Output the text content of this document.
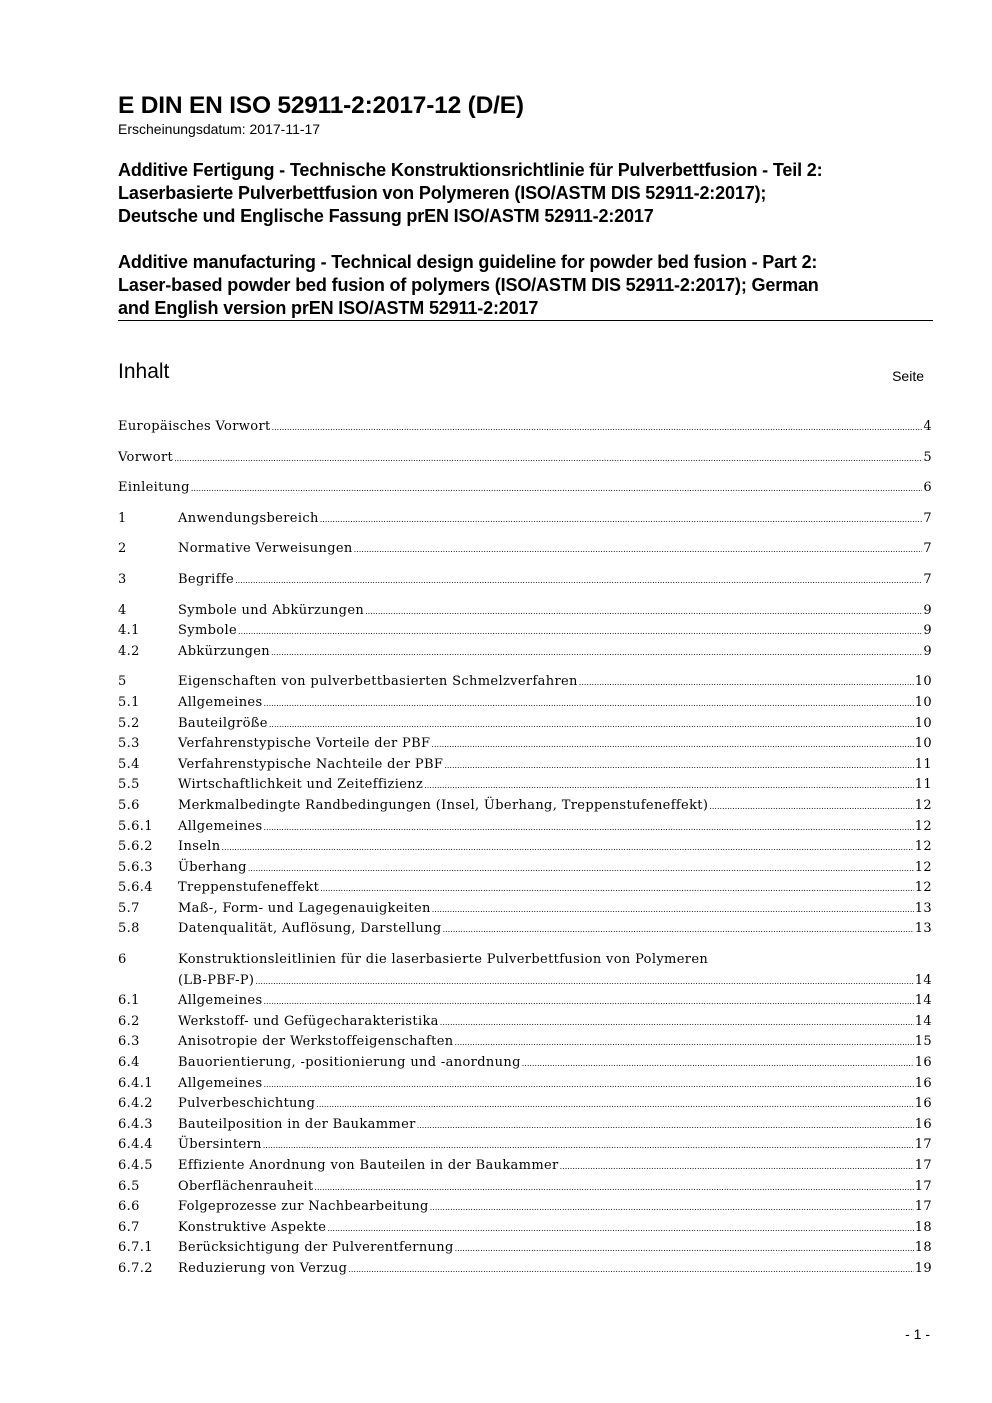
E DIN EN ISO 52911-2:2017-12 (D/E)
Erscheinungsdatum: 2017-11-17
Additive Fertigung - Technische Konstruktionsrichtlinie für Pulverbettfusion - Teil 2:
Laserbasierte Pulverbettfusion von Polymeren (ISO/ASTM DIS 52911-2:2017);
Deutsche und Englische Fassung prEN ISO/ASTM 52911-2:2017
Additive manufacturing - Technical design guideline for powder bed fusion - Part 2:
Laser-based powder bed fusion of polymers (ISO/ASTM DIS 52911-2:2017); German
and English version prEN ISO/ASTM 52911-2:2017
Inhalt	Seite
Europäisches Vorwort .....	4
Vorwort .....	5
Einleitung .....	6
1	Anwendungsbereich .....	7
2	Normative Verweisungen .....	7
3	Begriffe .....	7
4	Symbole und Abkürzungen .....	9
4.1	Symbole .....	9
4.2	Abkürzungen .....	9
5	Eigenschaften von pulverbettbasierten Schmelzverfahren .....	10
5.1	Allgemeines .....	10
5.2	Bauteilgröße .....	10
5.3	Verfahrenstypische Vorteile der PBF .....	10
5.4	Verfahrenstypische Nachteile der PBF .....	11
5.5	Wirtschaftlichkeit und Zeiteffizienz .....	11
5.6	Merkmalbedingte Randbedingungen (Insel, Überhang, Treppenstufeneffekt) .....	12
5.6.1	Allgemeines .....	12
5.6.2	Inseln .....	12
5.6.3	Überhang .....	12
5.6.4	Treppenstufeneffekt .....	12
5.7	Maß-, Form- und Lagegenauigkeiten .....	13
5.8	Datenqualität, Auflösung, Darstellung .....	13
6	Konstruktionsleitlinien für die laserbasierte Pulverbettfusion von Polymeren
(LB-PBF-P) .....	14
6.1	Allgemeines .....	14
6.2	Werkstoff- und Gefügecharakteristika .....	14
6.3	Anisotropie der Werkstoffeigenschaften .....	15
6.4	Bauorientierung, -positionierung und -anordnung .....	16
6.4.1	Allgemeines .....	16
6.4.2	Pulverbeschichtung .....	16
6.4.3	Bauteilposition in der Baukammer .....	16
6.4.4	Übersintern .....	17
6.4.5	Effiziente Anordnung von Bauteilen in der Baukammer .....	17
6.5	Oberflächenrauheit .....	17
6.6	Folgeprozesse zur Nachbearbeitung .....	17
6.7	Konstruktive Aspekte .....	18
6.7.1	Berücksichtigung der Pulverentfernung .....	18
6.7.2	Reduzierung von Verzug .....	19
- 1 -
